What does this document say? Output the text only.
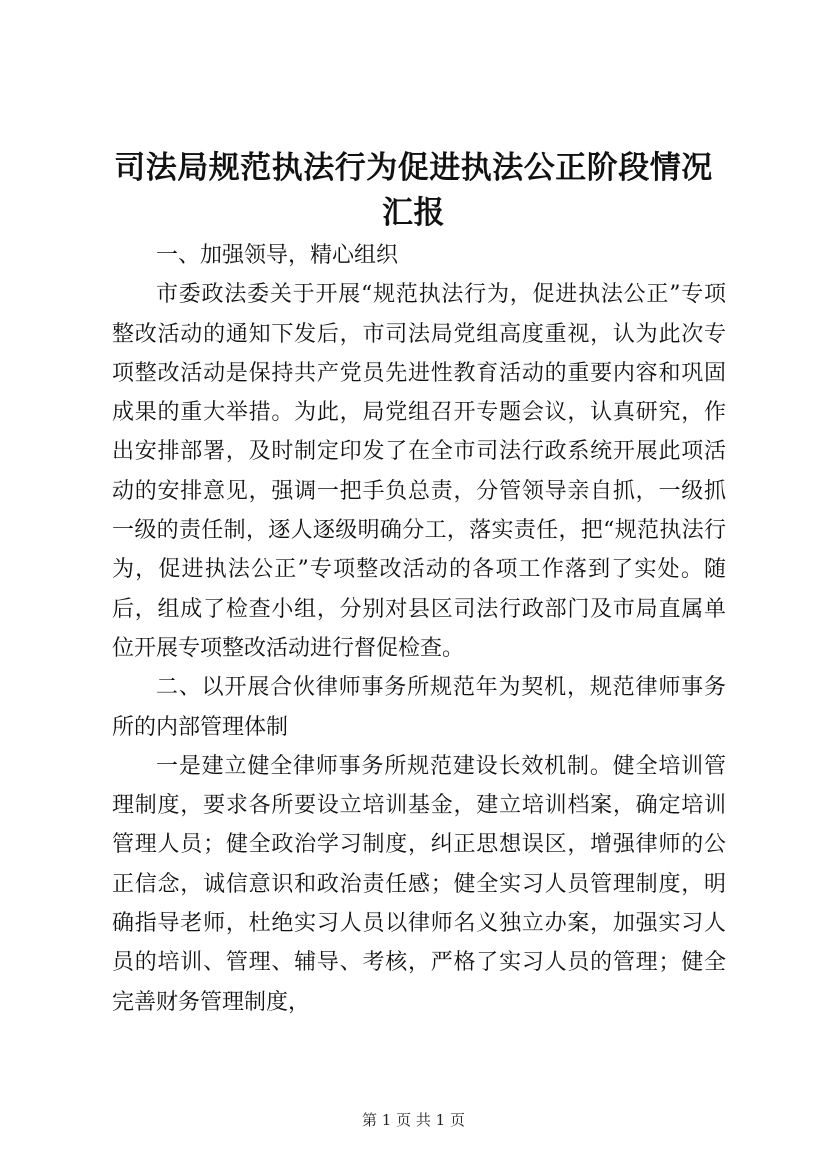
司法局规范执法行为促进执法公正阶段情况汇报

一、加强领导，精心组织

市委政法委关于开展“规范执法行为，促进执法公正”专项整改活动的通知下发后，市司法局党组高度重视，认为此次专项整改活动是保持共产党员先进性教育活动的重要内容和巩固成果的重大举措。为此，局党组召开专题会议，认真研究，作出安排部署，及时制定印发了在全市司法行政系统开展此项活动的安排意见，强调一把手负总责，分管领导亲自抓，一级抓一级的责任制，逐人逐级明确分工，落实责任，把“规范执法行为，促进执法公正”专项整改活动的各项工作落到了实处。随后，组成了检查小组，分别对县区司法行政部门及市局直属单位开展专项整改活动进行督促检查。

二、以开展合伙律师事务所规范年为契机，规范律师事务所的内部管理体制

一是建立健全律师事务所规范建设长效机制。健全培训管理制度，要求各所要设立培训基金，建立培训档案，确定培训管理人员；健全政治学习制度，纠正思想误区，增强律师的公正信念，诚信意识和政治责任感；健全实习人员管理制度，明确指导老师，杜绝实习人员以律师名义独立办案，加强实习人员的培训、管理、辅导、考核，严格了实习人员的管理；健全完善财务管理制度，

第 1 页 共 1 页
